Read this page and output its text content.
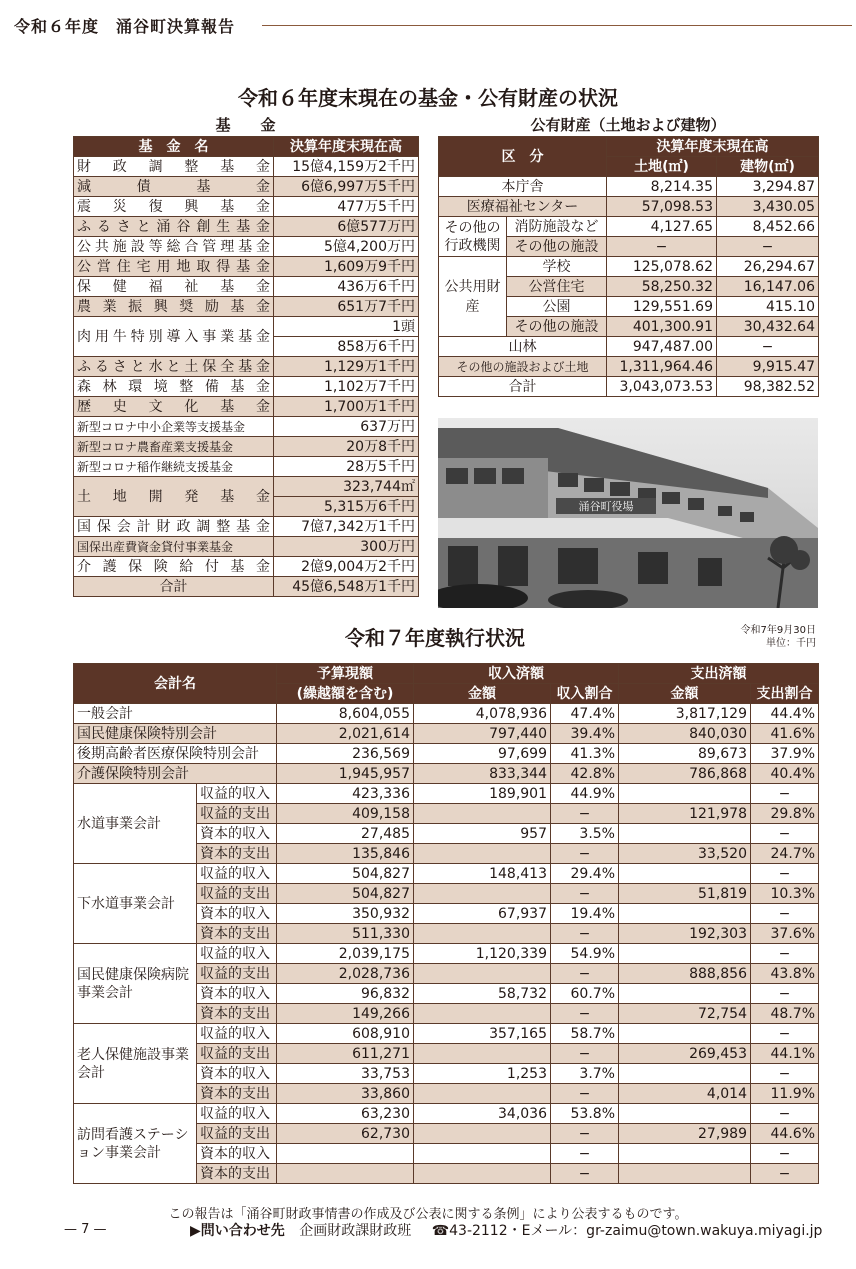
令和６年度　涌谷町決算報告
令和６年度末現在の基金・公有財産の状況
基　　金	公有財産（土地および建物）
基　金　名	決算年度末現在高
財政調整基金	15億4,159万2千円
減債基金	6億6,997万5千円
震災復興基金	477万5千円
ふるさと涌谷創生基金	6億577万円
公共施設等総合管理基金	5億4,200万円
公営住宅用地取得基金	1,609万9千円
保健福祉基金	436万6千円
農業振興奨励基金	651万7千円
肉用牛特別導入事業基金	1頭
	858万6千円
ふるさと水と土保全基金	1,129万1千円
森林環境整備基金	1,102万7千円
歴史文化基金	1,700万1千円
新型コロナ中小企業等支援基金	637万円
新型コロナ農畜産業支援基金	20万8千円
新型コロナ稲作継続支援基金	28万5千円
土地開発基金	323,744㎡
	5,315万6千円
国保会計財政調整基金	7億7,342万1千円
国保出産費資金貸付事業基金	300万円
介護保険給付基金	2億9,004万2千円
合計	45億6,548万1千円
区　分		決算年度末現在高	
		土地(㎡)	建物(㎡)
本庁舎		8,214.35	3,294.87
医療福祉センター		57,098.53	3,430.05
その他の行政機関	消防施設など	4,127.65	8,452.66
	その他の施設	−	−
公共用財産	学校	125,078.62	26,294.67
	公営住宅	58,250.32	16,147.06
	公園	129,551.69	415.10
	その他の施設	401,300.91	30,432.64
山林		947,487.00	−
その他の施設および土地		1,311,964.46	9,915.47
合計		3,043,073.53	98,382.52
涌谷町役場
令和７年度執行状況	令和7年9月30日
単位：千円
会計名		予算現額	収入済額		支出済額	
		(繰越額を含む)	金額	収入割合	金額	支出割合
一般会計		8,604,055	4,078,936	47.4%	3,817,129	44.4%
国民健康保険特別会計		2,021,614	797,440	39.4%	840,030	41.6%
後期高齢者医療保険特別会計		236,569	97,699	41.3%	89,673	37.9%
介護保険特別会計		1,945,957	833,344	42.8%	786,868	40.4%
水道事業会計	収益的収入	423,336	189,901	44.9%		−
	収益的支出	409,158		−	121,978	29.8%
	資本的収入	27,485	957	3.5%		−
	資本的支出	135,846		−	33,520	24.7%
下水道事業会計	収益的収入	504,827	148,413	29.4%		−
	収益的支出	504,827		−	51,819	10.3%
	資本的収入	350,932	67,937	19.4%		−
	資本的支出	511,330		−	192,303	37.6%
国民健康保険病院事業会計	収益的収入	2,039,175	1,120,339	54.9%		−
	収益的支出	2,028,736		−	888,856	43.8%
	資本的収入	96,832	58,732	60.7%		−
	資本的支出	149,266		−	72,754	48.7%
老人保健施設事業会計	収益的収入	608,910	357,165	58.7%		−
	収益的支出	611,271		−	269,453	44.1%
	資本的収入	33,753	1,253	3.7%		−
	資本的支出	33,860		−	4,014	11.9%
訪問看護ステーション事業会計	収益的収入	63,230	34,036	53.8%		−
	収益的支出	62,730		−	27,989	44.6%
	資本的収入			−		−
	資本的支出			−		−
この報告は「涌谷町財政事情書の作成及び公表に関する条例」により公表するものです。
— 7 —	▶問い合わせ先 企画財政課財政班 ☎43-2112・Eメール：gr-zaimu@town.wakuya.miyagi.jp
